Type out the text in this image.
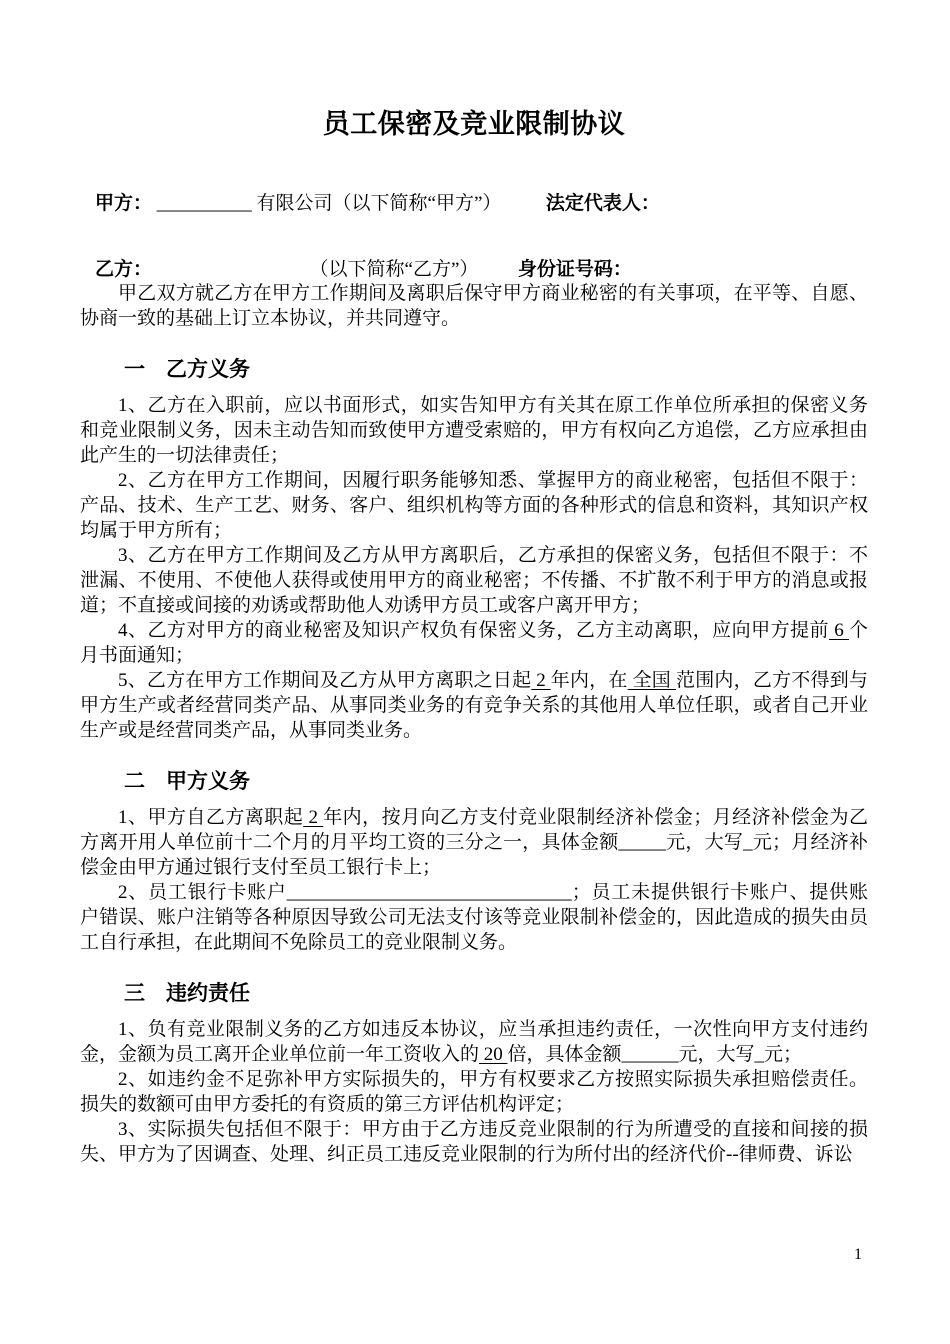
员工保密及竞业限制协议
甲方： __________ 有限公司（以下简称“甲方”） 法定代表人：
乙方：	（以下简称“乙方”） 身份证号码：

甲乙双方就乙方在甲方工作期间及离职后保守甲方商业秘密的有关事项，在平等、自愿、协商一致的基础上订立本协议，并共同遵守。

一　乙方义务

1、乙方在入职前，应以书面形式，如实告知甲方有关其在原工作单位所承担的保密义务和竞业限制义务，因未主动告知而致使甲方遭受索赔的，甲方有权向乙方追偿，乙方应承担由此产生的一切法律责任；

2、乙方在甲方工作期间，因履行职务能够知悉、掌握甲方的商业秘密，包括但不限于：产品、技术、生产工艺、财务、客户、组织机构等方面的各种形式的信息和资料，其知识产权均属于甲方所有；

3、乙方在甲方工作期间及乙方从甲方离职后，乙方承担的保密义务，包括但不限于：不泄漏、不使用、不使他人获得或使用甲方的商业秘密；不传播、不扩散不利于甲方的消息或报道；不直接或间接的劝诱或帮助他人劝诱甲方员工或客户离开甲方；

4、乙方对甲方的商业秘密及知识产权负有保密义务，乙方主动离职，应向甲方提前 6 个月书面通知；

5、乙方在甲方工作期间及乙方从甲方离职之日起 2 年内，在 全国 范围内，乙方不得到与甲方生产或者经营同类产品、从事同类业务的有竞争关系的其他用人单位任职，或者自己开业生产或是经营同类产品，从事同类业务。

二　甲方义务

1、甲方自乙方离职起 2 年内，按月向乙方支付竞业限制经济补偿金；月经济补偿金为乙方离开用人单位前十二个月的月平均工资的三分之一，具体金额_____元，大写_元；月经济补偿金由甲方通过银行支付至员工银行卡上；

2、员工银行卡账户______________________________；员工未提供银行卡账户、提供账户错误、账户注销等各种原因导致公司无法支付该等竞业限制补偿金的，因此造成的损失由员工自行承担，在此期间不免除员工的竞业限制义务。

三　违约责任

1、负有竞业限制义务的乙方如违反本协议，应当承担违约责任，一次性向甲方支付违约金，金额为员工离开企业单位前一年工资收入的 20 倍，具体金额______元，大写_元；

2、如违约金不足弥补甲方实际损失的，甲方有权要求乙方按照实际损失承担赔偿责任。损失的数额可由甲方委托的有资质的第三方评估机构评定；

3、实际损失包括但不限于：甲方由于乙方违反竞业限制的行为所遭受的直接和间接的损失、甲方为了因调查、处理、纠正员工违反竞业限制的行为所付出的经济代价--律师费、诉讼

1
